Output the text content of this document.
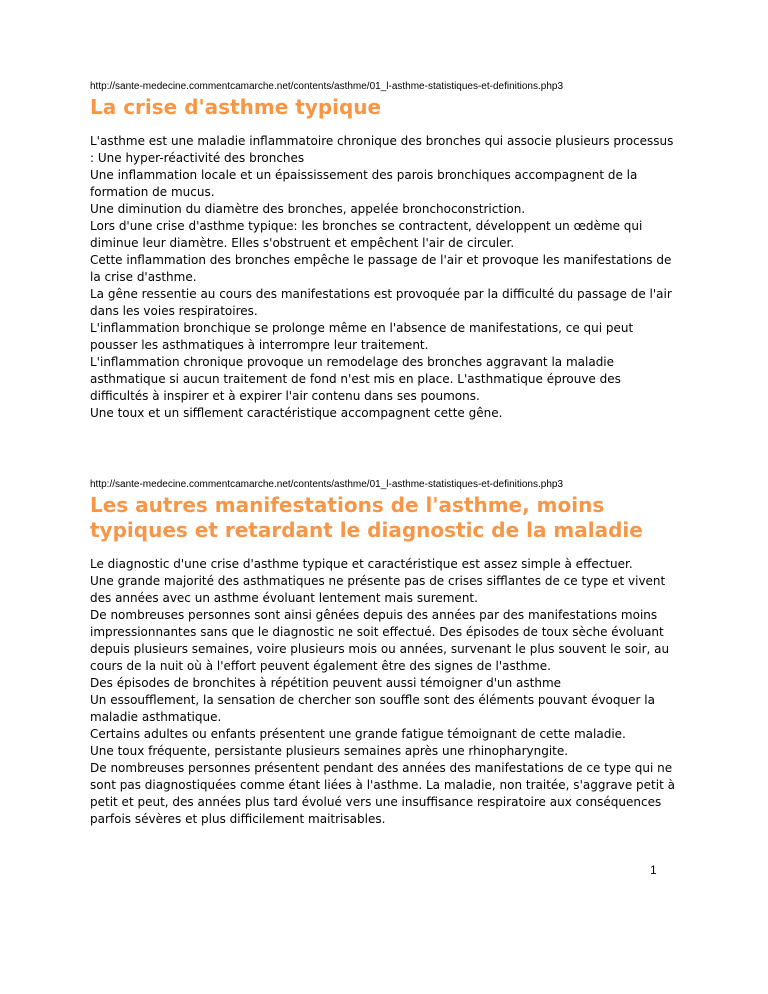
http://sante-medecine.commentcamarche.net/contents/asthme/01_l-asthme-statistiques-et-definitions.php3

La crise d'asthme typique

L'asthme est une maladie inflammatoire chronique des bronches qui associe plusieurs processus : Une hyper-réactivité des bronches

Une inflammation locale et un épaississement des parois bronchiques accompagnent de la formation de mucus.

Une diminution du diamètre des bronches, appelée bronchoconstriction.

Lors d'une crise d'asthme typique: les bronches se contractent, développent un œdème qui diminue leur diamètre. Elles s'obstruent et empêchent l'air de circuler.

Cette inflammation des bronches empêche le passage de l'air et provoque les manifestations de la crise d'asthme.

La gêne ressentie au cours des manifestations est provoquée par la difficulté du passage de l'air dans les voies respiratoires.

L'inflammation bronchique se prolonge même en l'absence de manifestations, ce qui peut pousser les asthmatiques à interrompre leur traitement.

L'inflammation chronique provoque un remodelage des bronches aggravant la maladie asthmatique si aucun traitement de fond n'est mis en place. L'asthmatique éprouve des difficultés à inspirer et à expirer l'air contenu dans ses poumons.

Une toux et un sifflement caractéristique accompagnent cette gêne.

http://sante-medecine.commentcamarche.net/contents/asthme/01_l-asthme-statistiques-et-definitions.php3

Les autres manifestations de l'asthme, moins typiques et retardant le diagnostic de la maladie

Le diagnostic d'une crise d'asthme typique et caractéristique est assez simple à effectuer.

Une grande majorité des asthmatiques ne présente pas de crises sifflantes de ce type et vivent des années avec un asthme évoluant lentement mais surement.

De nombreuses personnes sont ainsi gênées depuis des années par des manifestations moins impressionnantes sans que le diagnostic ne soit effectué. Des épisodes de toux sèche évoluant depuis plusieurs semaines, voire plusieurs mois ou années, survenant le plus souvent le soir, au cours de la nuit où à l'effort peuvent également être des signes de l'asthme.

Des épisodes de bronchites à répétition peuvent aussi témoigner d'un asthme

Un essoufflement, la sensation de chercher son souffle sont des éléments pouvant évoquer la maladie asthmatique.

Certains adultes ou enfants présentent une grande fatigue témoignant de cette maladie.

Une toux fréquente, persistante plusieurs semaines après une rhinopharyngite.

De nombreuses personnes présentent pendant des années des manifestations de ce type qui ne sont pas diagnostiquées comme étant liées à l'asthme. La maladie, non traitée, s'aggrave petit à petit et peut, des années plus tard évolué vers une insuffisance respiratoire aux conséquences parfois sévères et plus difficilement maitrisables.

1
